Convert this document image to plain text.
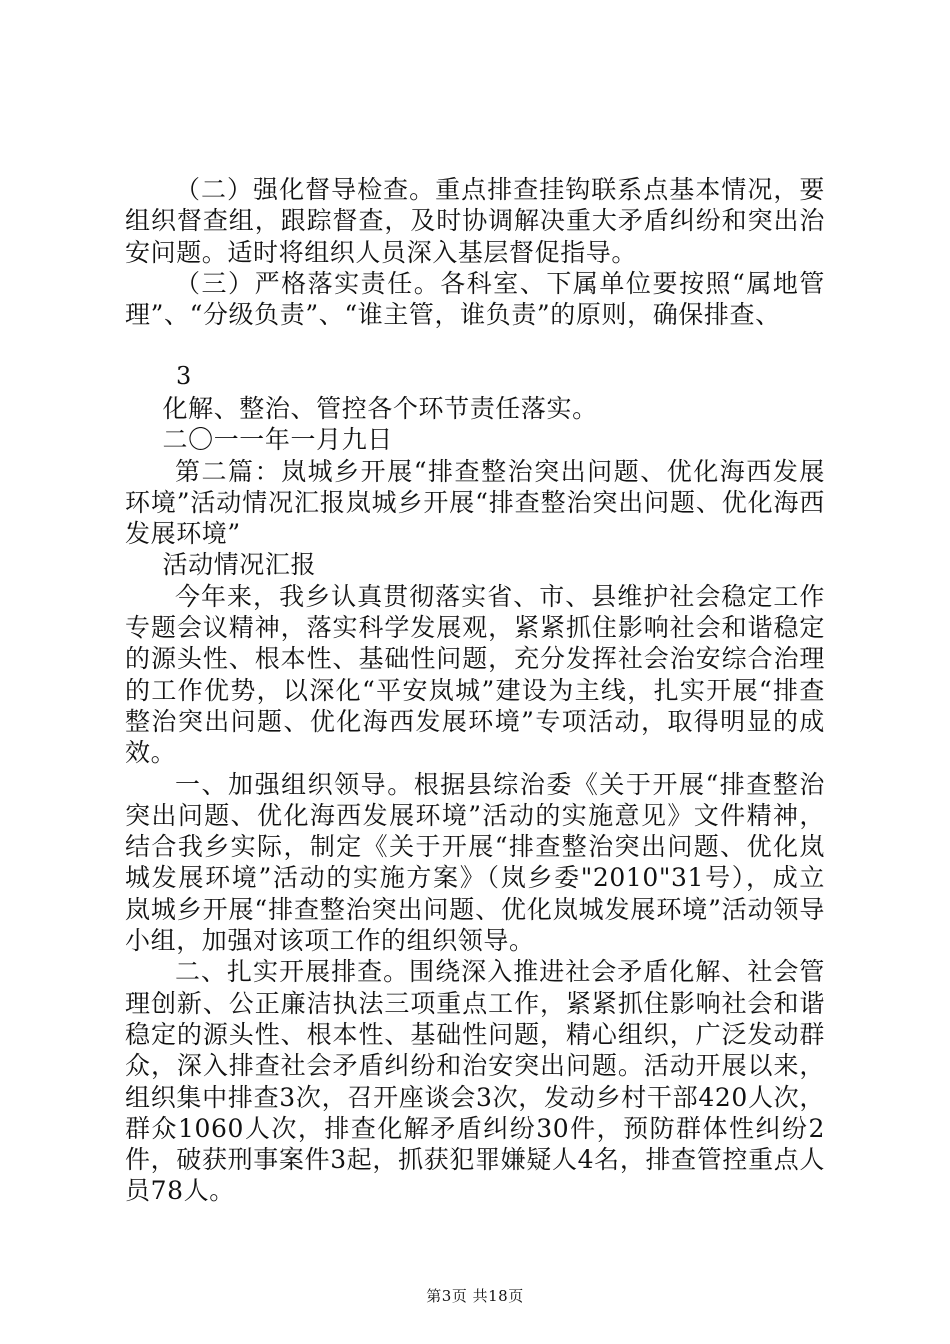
（二）强化督导检查。重点排查挂钩联系点基本情况，要组织督查组，跟踪督查，及时协调解决重大矛盾纠纷和突出治安问题。适时将组织人员深入基层督促指导。

（三）严格落实责任。各科室、下属单位要按照“属地管理”、“分级负责”、“谁主管，谁负责”的原则，确保排查、

3

化解、整治、管控各个环节责任落实。

二〇一一年一月九日

第二篇：岚城乡开展“排查整治突出问题、优化海西发展环境”活动情况汇报岚城乡开展“排查整治突出问题、优化海西发展环境”

活动情况汇报

今年来，我乡认真贯彻落实省、市、县维护社会稳定工作专题会议精神，落实科学发展观，紧紧抓住影响社会和谐稳定的源头性、根本性、基础性问题，充分发挥社会治安综合治理的工作优势，以深化“平安岚城”建设为主线，扎实开展“排查整治突出问题、优化海西发展环境”专项活动，取得明显的成效。

一、加强组织领导。根据县综治委《关于开展“排查整治突出问题、优化海西发展环境”活动的实施意见》文件精神，结合我乡实际，制定《关于开展“排查整治突出问题、优化岚城发展环境”活动的实施方案》（岚乡委"2010"31号），成立岚城乡开展“排查整治突出问题、优化岚城发展环境”活动领导小组，加强对该项工作的组织领导。

二、扎实开展排查。围绕深入推进社会矛盾化解、社会管理创新、公正廉洁执法三项重点工作，紧紧抓住影响社会和谐稳定的源头性、根本性、基础性问题，精心组织，广泛发动群众，深入排查社会矛盾纠纷和治安突出问题。活动开展以来，组织集中排查3次，召开座谈会3次，发动乡村干部420人次，群众1060人次，排查化解矛盾纠纷30件，预防群体性纠纷2件，破获刑事案件3起，抓获犯罪嫌疑人4名，排查管控重点人员78人。

第3页 共18页
